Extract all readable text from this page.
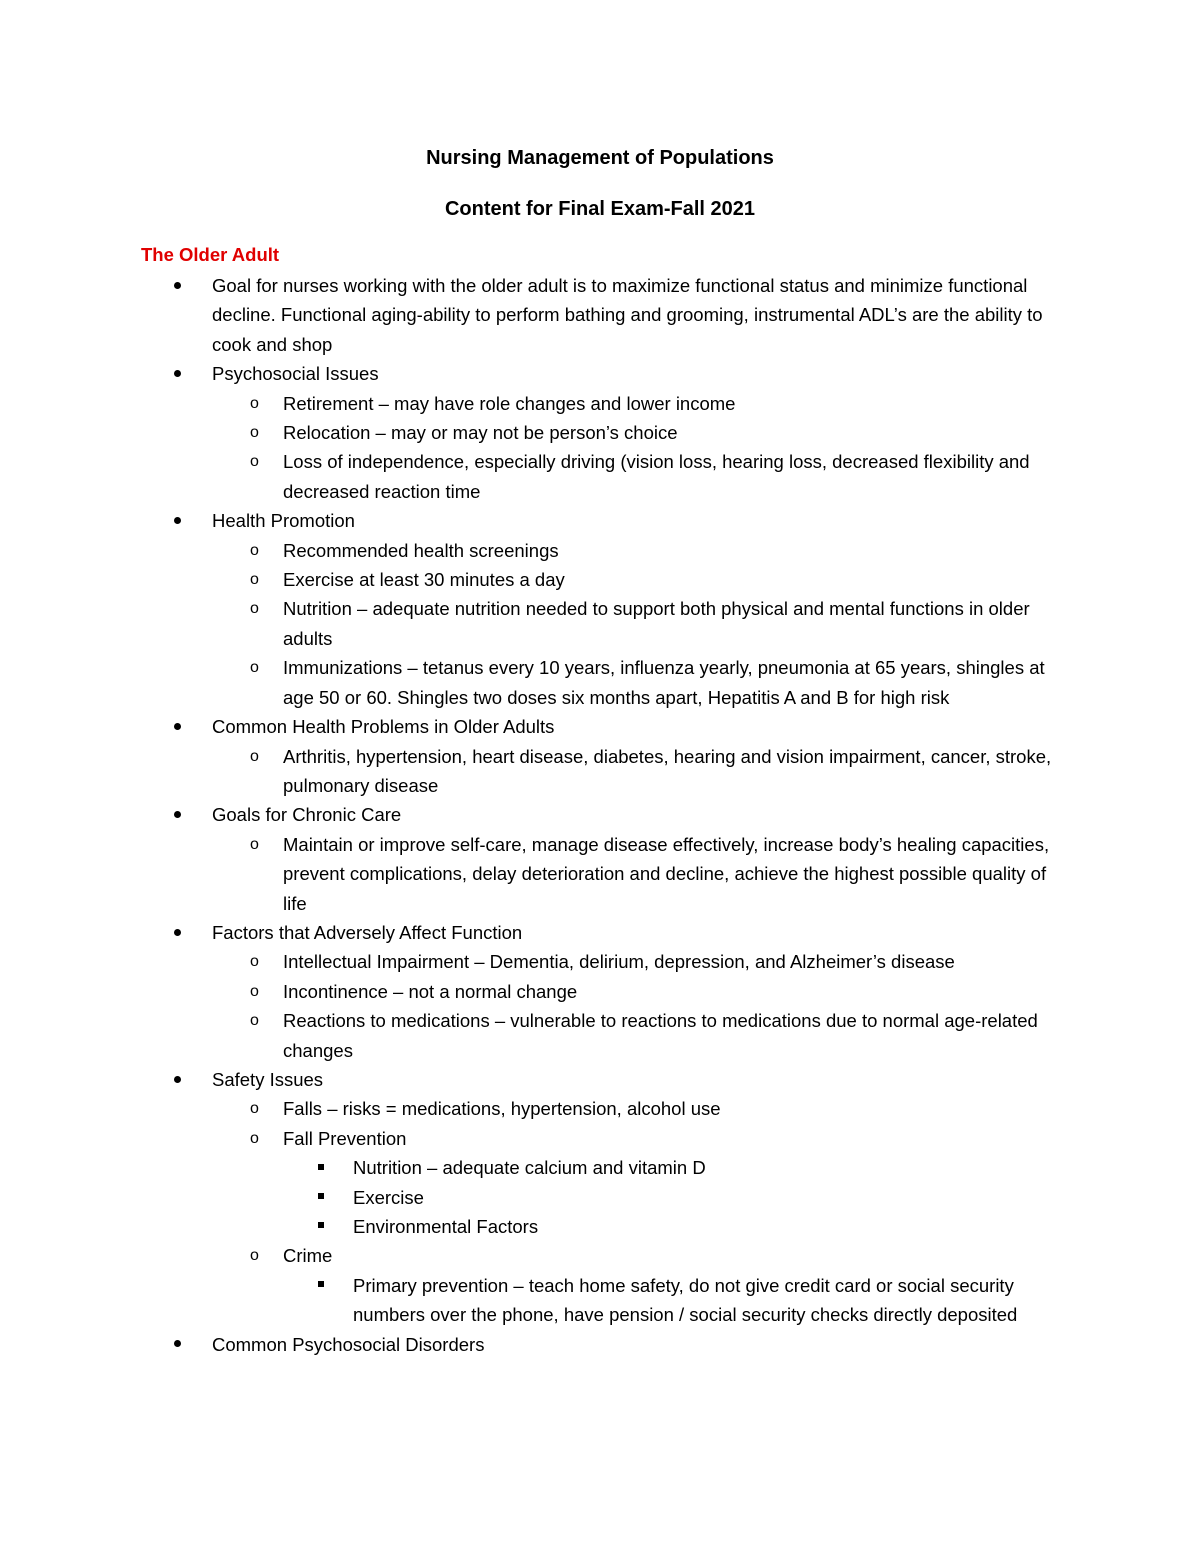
Nursing Management of Populations
Content for Final Exam-Fall 2021
The Older Adult
Goal for nurses working with the older adult is to maximize functional status and minimize functional decline. Functional aging-ability to perform bathing and grooming, instrumental ADL’s are the ability to cook and shop
Psychosocial Issues
o Retirement – may have role changes and lower income
o Relocation – may or may not be person’s choice
o Loss of independence, especially driving (vision loss, hearing loss, decreased flexibility and decreased reaction time
Health Promotion
o Recommended health screenings
o Exercise at least 30 minutes a day
o Nutrition – adequate nutrition needed to support both physical and mental functions in older adults
o Immunizations – tetanus every 10 years, influenza yearly, pneumonia at 65 years, shingles at age 50 or 60. Shingles two doses six months apart, Hepatitis A and B for high risk
Common Health Problems in Older Adults
o Arthritis, hypertension, heart disease, diabetes, hearing and vision impairment, cancer, stroke, pulmonary disease
Goals for Chronic Care
o Maintain or improve self-care, manage disease effectively, increase body’s healing capacities, prevent complications, delay deterioration and decline, achieve the highest possible quality of life
Factors that Adversely Affect Function
o Intellectual Impairment – Dementia, delirium, depression, and Alzheimer’s disease
o Incontinence – not a normal change
o Reactions to medications – vulnerable to reactions to medications due to normal age-related changes
Safety Issues
o Falls – risks = medications, hypertension, alcohol use
o Fall Prevention
Nutrition – adequate calcium and vitamin D
Exercise
Environmental Factors
o Crime
Primary prevention – teach home safety, do not give credit card or social security numbers over the phone, have pension / social security checks directly deposited
Common Psychosocial Disorders
